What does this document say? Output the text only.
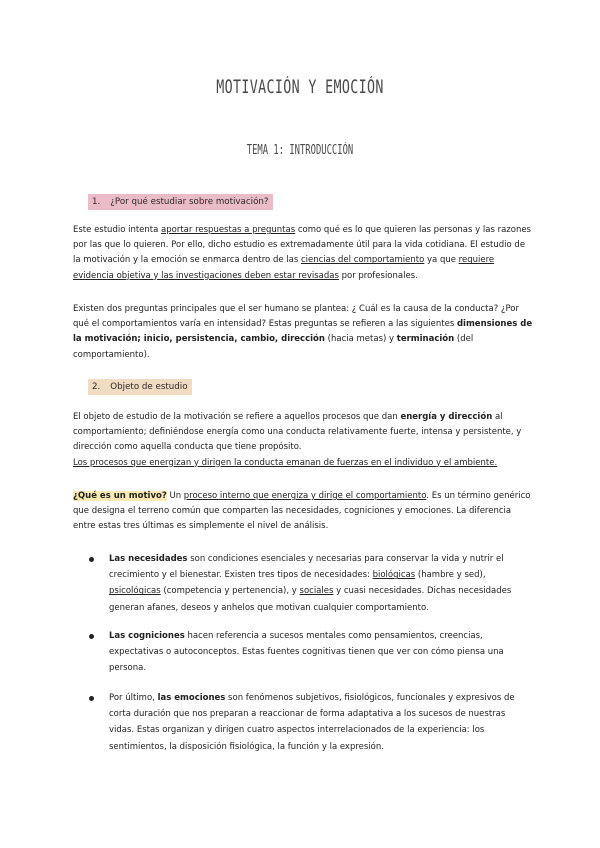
MOTIVACIÓN Y EMOCIÓN
TEMA 1: INTRODUCCIÓN
1. ¿Por qué estudiar sobre motivación?
Este estudio intenta aportar respuestas a preguntas como qué es lo que quieren las personas y las razones por las que lo quieren. Por ello, dicho estudio es extremadamente útil para la vida cotidiana. El estudio de la motivación y la emoción se enmarca dentro de las ciencias del comportamiento ya que requiere evidencia objetiva y las investigaciones deben estar revisadas por profesionales.
Existen dos preguntas principales que el ser humano se plantea: ¿ Cuál es la causa de la conducta? ¿Por qué el comportamientos varía en intensidad? Estas preguntas se refieren a las siguientes dimensiones de la motivación; inicio, persistencia, cambio, dirección (hacia metas) y terminación (del comportamiento).
2. Objeto de estudio
El objeto de estudio de la motivación se refiere a aquellos procesos que dan energía y dirección al comportamiento; definiéndose energía como una conducta relativamente fuerte, intensa y persistente, y dirección como aquella conducta que tiene propósito.
Los procesos que energizan y dirigen la conducta emanan de fuerzas en el individuo y el ambiente.
¿Qué es un motivo? Un proceso interno que energiza y dirige el comportamiento. Es un término genérico que designa el terreno común que comparten las necesidades, cogniciones y emociones. La diferencia entre estas tres últimas es simplemente el nivel de análisis.
Las necesidades son condiciones esenciales y necesarias para conservar la vida y nutrir el crecimiento y el bienestar. Existen tres tipos de necesidades: biológicas (hambre y sed), psicológicas (competencia y pertenencia), y sociales y cuasi necesidades. Dichas necesidades generan afanes, deseos y anhelos que motivan cualquier comportamiento.
Las cogniciones hacen referencia a sucesos mentales como pensamientos, creencias, expectativas o autoconceptos. Estas fuentes cognitivas tienen que ver con cómo piensa una persona.
Por último, las emociones son fenómenos subjetivos, fisiológicos, funcionales y expresivos de corta duración que nos preparan a reaccionar de forma adaptativa a los sucesos de nuestras vidas. Estas organizan y dirigen cuatro aspectos interrelacionados de la experiencia: los sentimientos, la disposición fisiológica, la función y la expresión.
